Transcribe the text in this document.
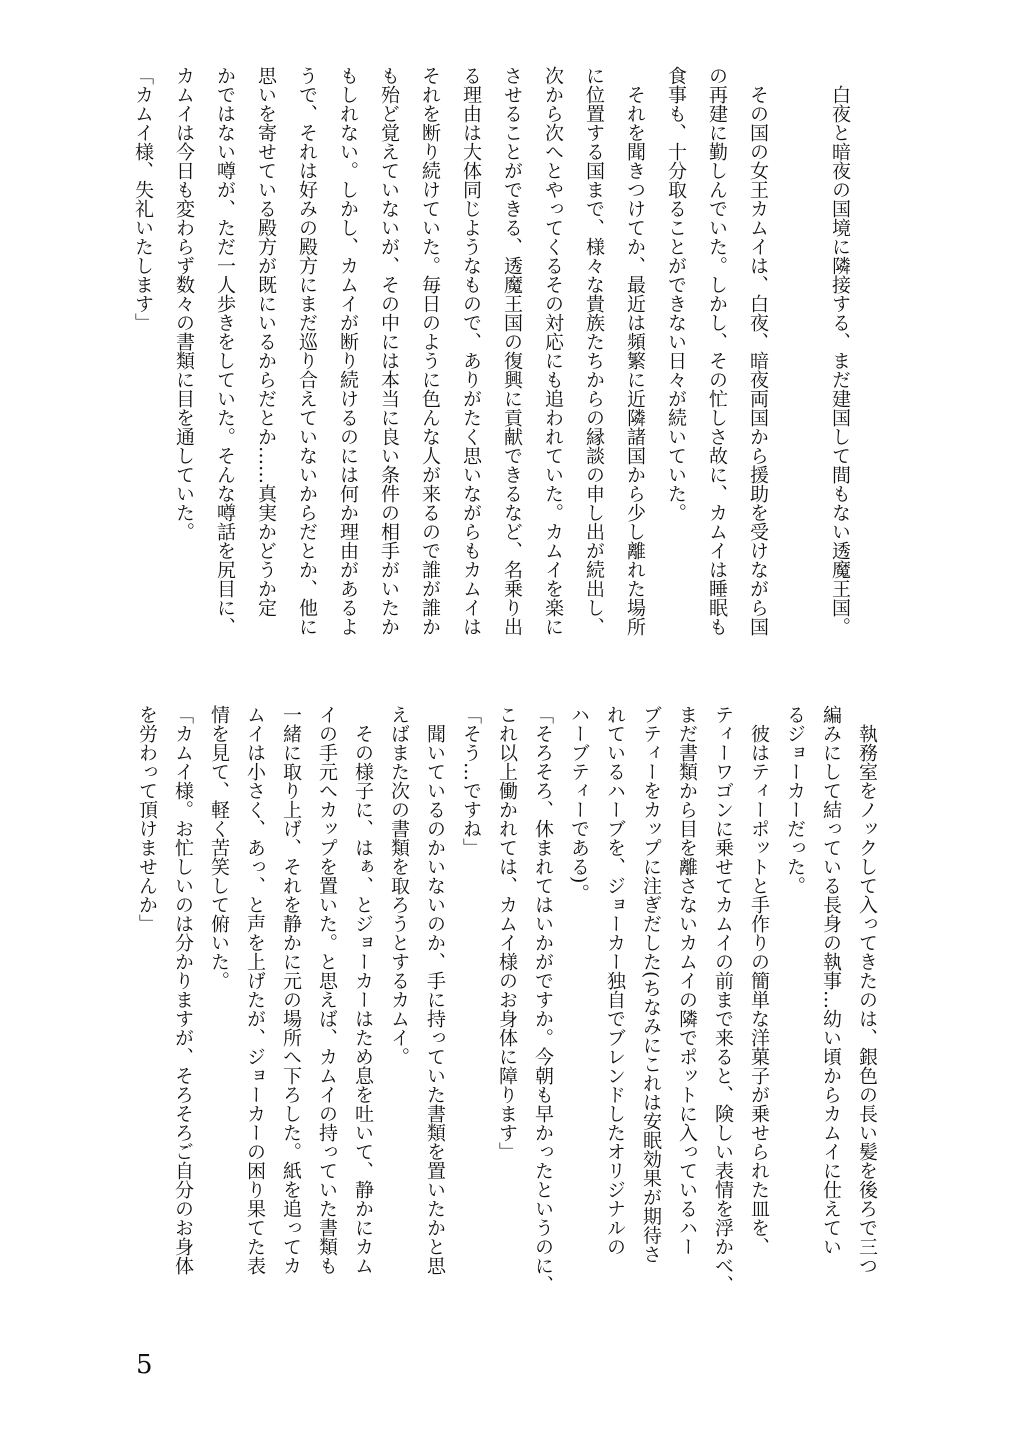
　白夜と暗夜の国境に隣接する、まだ建国して間もない透魔王国。
　その国の女王カムイは、白夜、暗夜両国から援助を受けながら国
の再建に勤しんでいた。しかし、その忙しさ故に、カムイは睡眠も
食事も、十分取ることができない日々が続いていた。
　それを聞きつけてか、最近は頻繁に近隣諸国から少し離れた場所
に位置する国まで、様々な貴族たちからの縁談の申し出が続出し、
次から次へとやってくるその対応にも追われていた。カムイを楽に
させることができる、透魔王国の復興に貢献できるなど、名乗り出
る理由は大体同じようなもので、ありがたく思いながらもカムイは
それを断り続けていた。毎日のように色んな人が来るので誰が誰か
も殆ど覚えていないが、その中には本当に良い条件の相手がいたか
もしれない。しかし、カムイが断り続けるのには何か理由があるよ
うで、それは好みの殿方にまだ巡り合えていないからだとか、他に
思いを寄せている殿方が既にいるからだとか……真実かどうか定
かではない噂が、ただ一人歩きをしていた。そんな噂話を尻目に、
カムイは今日も変わらず数々の書類に目を通していた。
「カムイ様、失礼いたします」
　執務室をノックして入ってきたのは、銀色の長い髪を後ろで三つ
編みにして結っている長身の執事…幼い頃からカムイに仕えてい
るジョーカーだった。
　彼はティーポットと手作りの簡単な洋菓子が乗せられた皿を、
ティーワゴンに乗せてカムイの前まで来ると、険しい表情を浮かべ、
まだ書類から目を離さないカムイの隣でポットに入っているハー
ブティーをカップに注ぎだした(ちなみにこれは安眠効果が期待さ
れているハーブを、ジョーカー独自でブレンドしたオリジナルの
ハーブティーである)。
「そろそろ、休まれてはいかがですか。今朝も早かったというのに、
これ以上働かれては、カムイ様のお身体に障ります」
「そう…ですね」
　聞いているのかいないのか、手に持っていた書類を置いたかと思
えばまた次の書類を取ろうとするカムイ。
　その様子に、はぁ、とジョーカーはため息を吐いて、静かにカム
イの手元へカップを置いた。と思えば、カムイの持っていた書類も
一緒に取り上げ、それを静かに元の場所へ下ろした。紙を追ってカ
ムイは小さく、あっ、と声を上げたが、ジョーカーの困り果てた表
情を見て、軽く苦笑して俯いた。
「カムイ様。お忙しいのは分かりますが、そろそろご自分のお身体
を労わって頂けませんか」
5
